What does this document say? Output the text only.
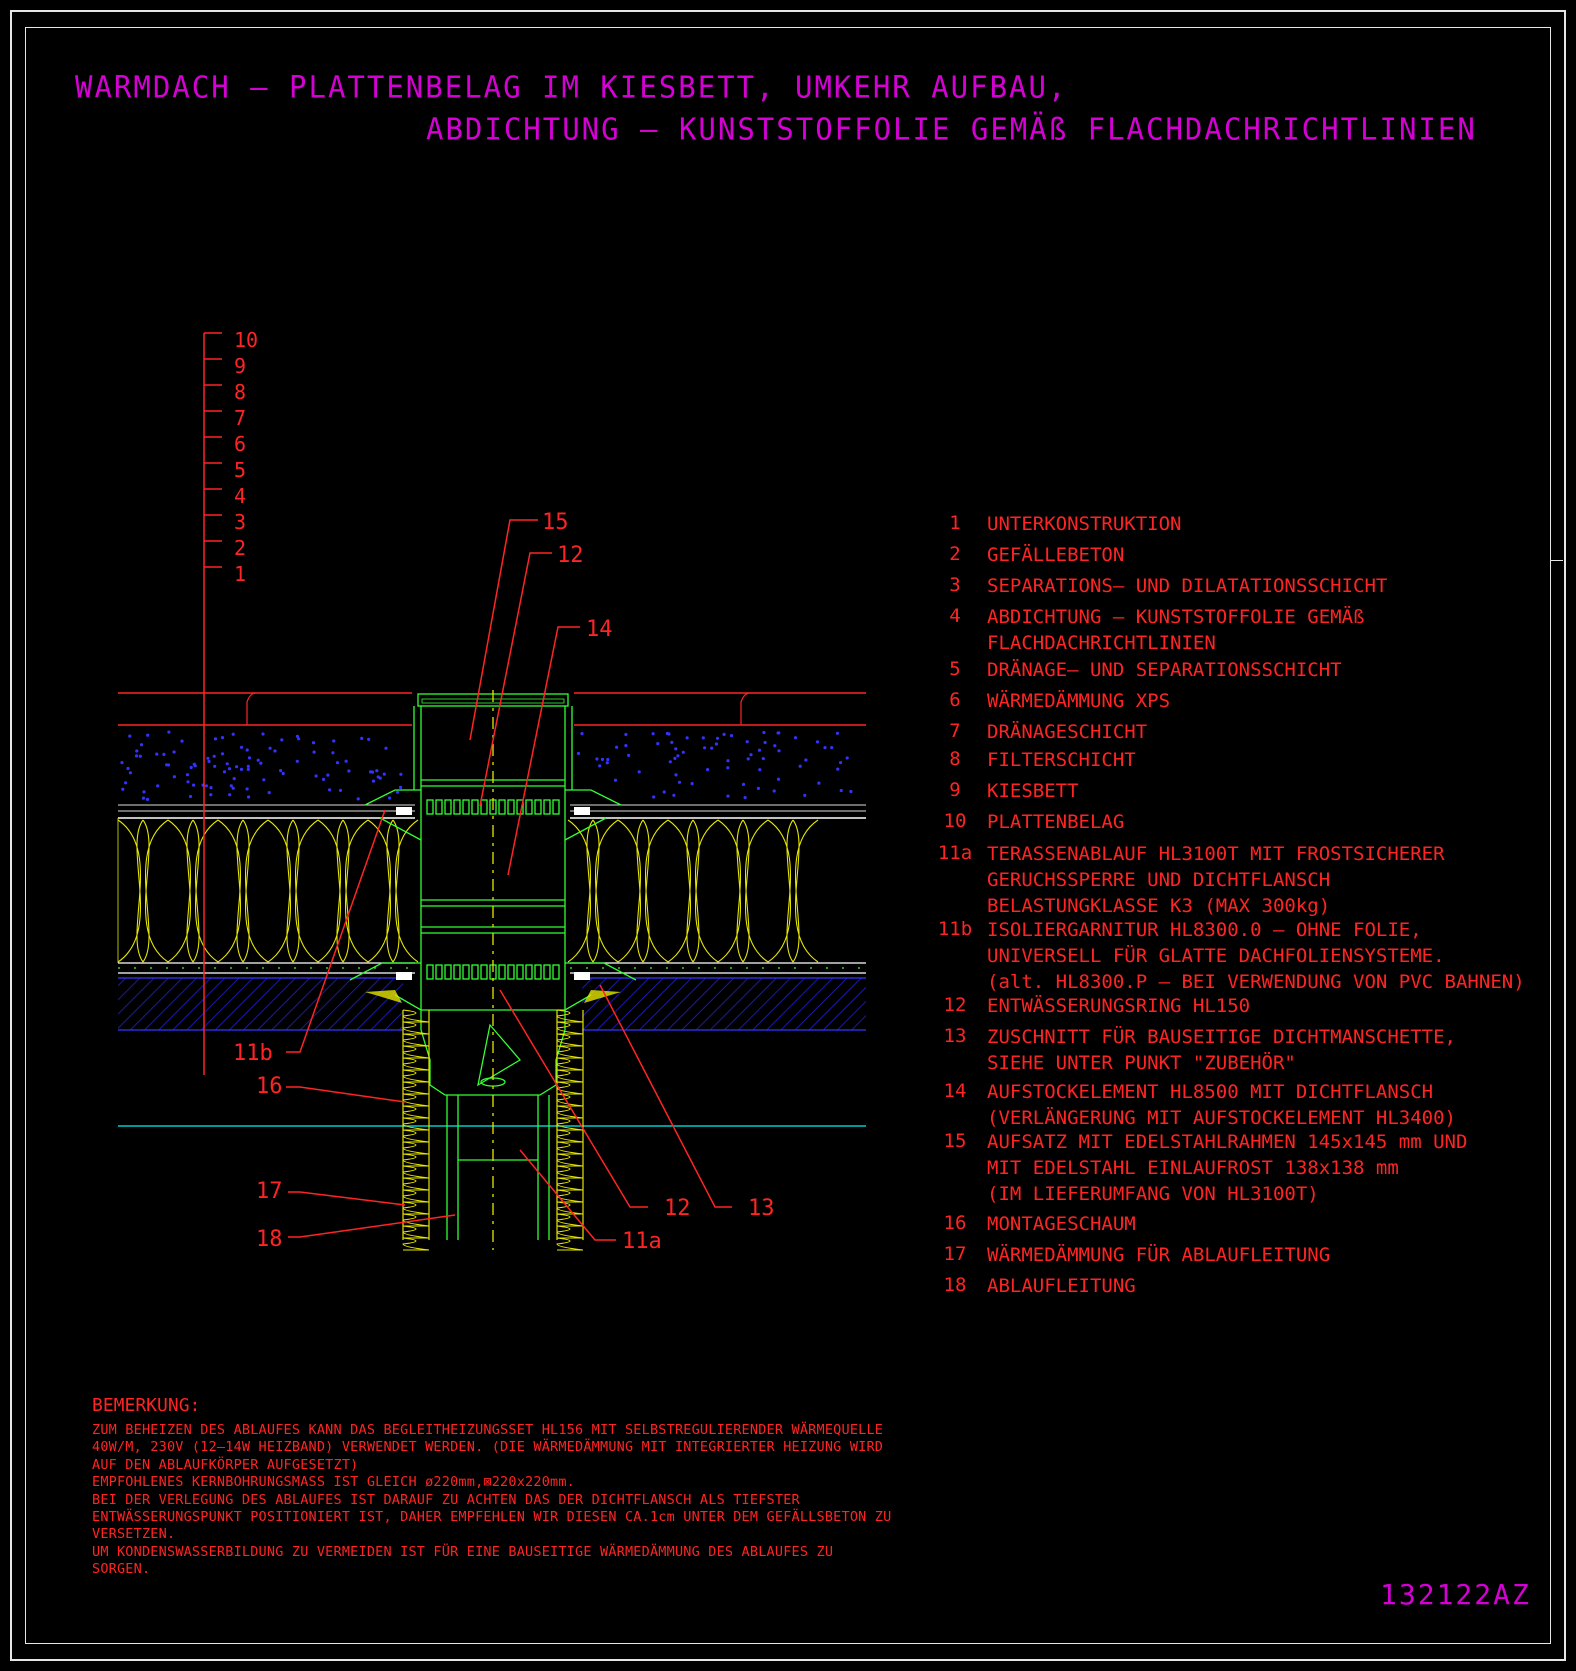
WARMDACH – PLATTENBELAG IM KIESBETT, UMKEHR AUFBAU,
ABDICHTUNG – KUNSTSTOFFOLIE GEMÄß FLACHDACHRICHTLINIEN
15
12
14
11b
16
17
18
12	13
11a
10
9
8
7
6
5
4
3
2
1
1	UNTERKONSTRUKTION
2	GEFÄLLEBETON
3	SEPARATIONS– UND DILATATIONSSCHICHT
4	ABDICHTUNG – KUNSTSTOFFOLIE GEMÄß
FLACHDACHRICHTLINIEN
5	DRÄNAGE– UND SEPARATIONSSCHICHT
6	WÄRMEDÄMMUNG XPS
7	DRÄNAGESCHICHT
8	FILTERSCHICHT
9	KIESBETT
10	PLATTENBELAG
11a TERASSENABLAUF HL3100T MIT FROSTSICHERER
GERUCHSSPERRE UND DICHTFLANSCH
BELASTUNGKLASSE K3 (MAX 300kg)
11b ISOLIERGARNITUR HL8300.0 – OHNE FOLIE,
UNIVERSELL FÜR GLATTE DACHFOLIENSYSTEME.
(alt. HL8300.P – BEI VERWENDUNG VON PVC BAHNEN)
12	ENTWÄSSERUNGSRING HL150
13	ZUSCHNITT FÜR BAUSEITIGE DICHTMANSCHETTE,
SIEHE UNTER PUNKT "ZUBEHÖR"
14	AUFSTOCKELEMENT HL8500 MIT DICHTFLANSCH
(VERLÄNGERUNG MIT AUFSTOCKELEMENT HL3400)
15	AUFSATZ MIT EDELSTAHLRAHMEN 145x145 mm UND
MIT EDELSTAHL EINLAUFROST 138x138 mm
(IM LIEFERUMFANG VON HL3100T)
16	MONTAGESCHAUM
17	WÄRMEDÄMMUNG FÜR ABLAUFLEITUNG
18	ABLAUFLEITUNG
BEMERKUNG:
ZUM BEHEIZEN DES ABLAUFES KANN DAS BEGLEITHEIZUNGSSET HL156 MIT SELBSTREGULIERENDER WÄRMEQUELLE
40W/M, 230V (12–14W HEIZBAND) VERWENDET WERDEN. (DIE WÄRMEDÄMMUNG MIT INTEGRIERTER HEIZUNG WIRD
AUF DEN ABLAUFKÖRPER AUFGESETZT)
EMPFOHLENES KERNBOHRUNGSMASS IST GLEICH ø220mm,⊠220x220mm.
BEI DER VERLEGUNG DES ABLAUFES IST DARAUF ZU ACHTEN DAS DER DICHTFLANSCH ALS TIEFSTER
ENTWÄSSERUNGSPUNKT POSITIONIERT IST, DAHER EMPFEHLEN WIR DIESEN CA.1cm UNTER DEM GEFÄLLSBETON ZU
VERSETZEN.
UM KONDENSWASSERBILDUNG ZU VERMEIDEN IST FÜR EINE BAUSEITIGE WÄRMEDÄMMUNG DES ABLAUFES ZU
SORGEN.
132122AZ
